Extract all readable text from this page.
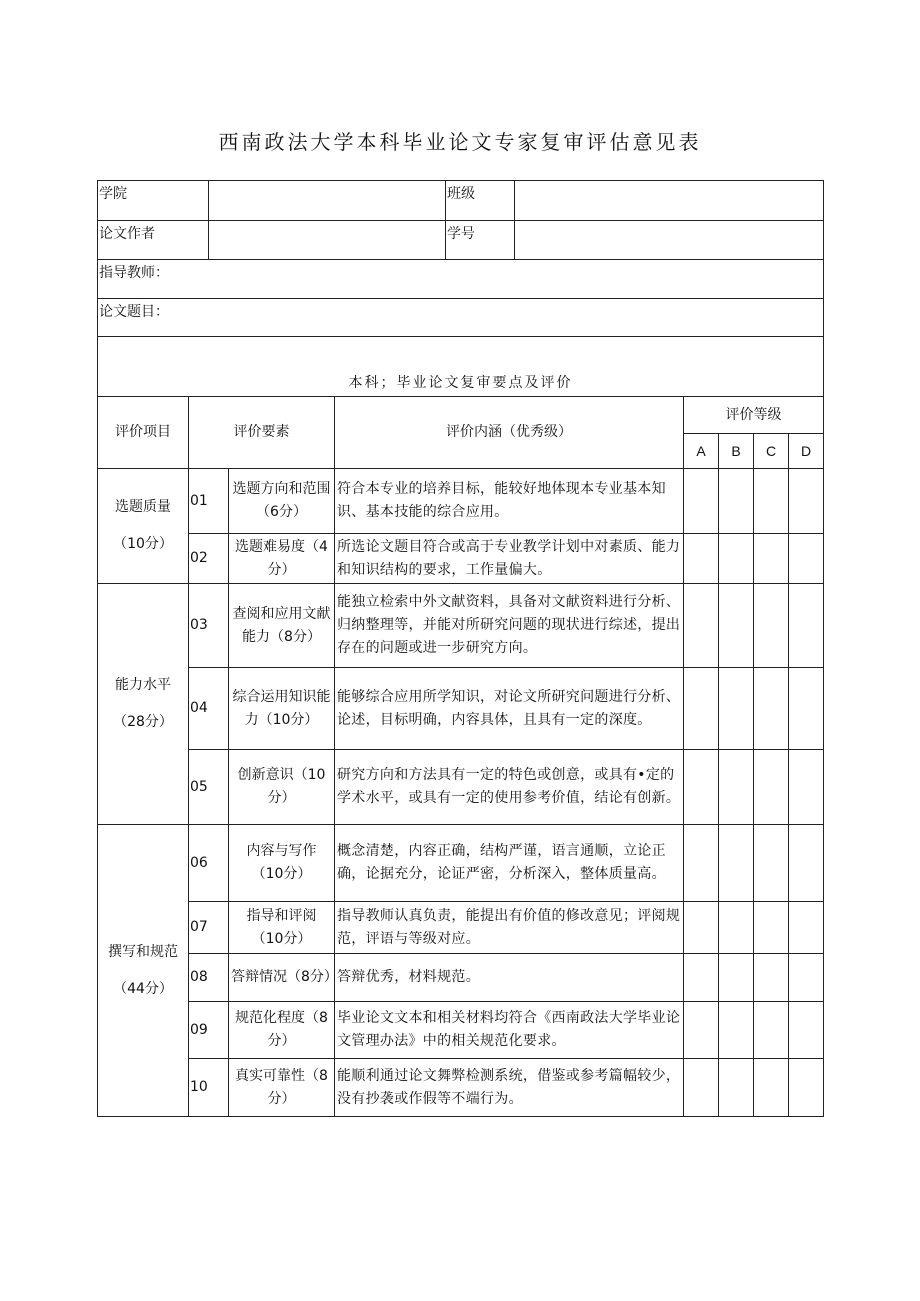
西南政法大学本科毕业论文专家复审评估意见表
学院		班级	
论文作者		学号	
指导教师：			
论文题目：			
本科；毕业论文复审要点及评价			
评价项目	评价要素		评价内涵（优秀级）	评价等级			
				A	B	C	D

选题质量
（10分）	01	选题方向和范围（6分）	符合本专业的培养目标，能较好地体现本专业基本知识、基本技能的综合应用。				
	02	选题难易度（4分）	所选论文题目符合或高于专业教学计划中对素质、能力和知识结构的要求，工作量偏大。				

能力水平
（28分）	03	查阅和应用文献能力（8分）	能独立检索中外文献资料，具备对文献资料进行分析、归纳整理等，并能对所研究问题的现状进行综述，提出存在的问题或进一步研究方向。				
	04	综合运用知识能力（10分）	能够综合应用所学知识，对论文所研究问题进行分析、论述，目标明确，内容具体，且具有一定的深度。				
	05	创新意识（10分）	研究方向和方法具有一定的特色或创意，或具有•定的学术水平，或具有一定的使用参考价值，结论有创新。				

撰写和规范
（44分）	06	内容与写作（10分）	概念清楚，内容正确，结构严谨，语言通顺，立论正确，论据充分，论证严密，分析深入，整体质量高。				
	07	指导和评阅（10分）	指导教师认真负责，能提出有价值的修改意见；评阅规范，评语与等级对应。				
	08	答辩情况（8分）	答辩优秀，材料规范。				
	09	规范化程度（8分）	毕业论文文本和相关材料均符合《西南政法大学毕业论文管理办法》中的相关规范化要求。				
	10	真实可靠性（8分）	能顺利通过论文舞弊检测系统，借鉴或参考篇幅较少，没有抄袭或作假等不端行为。				
